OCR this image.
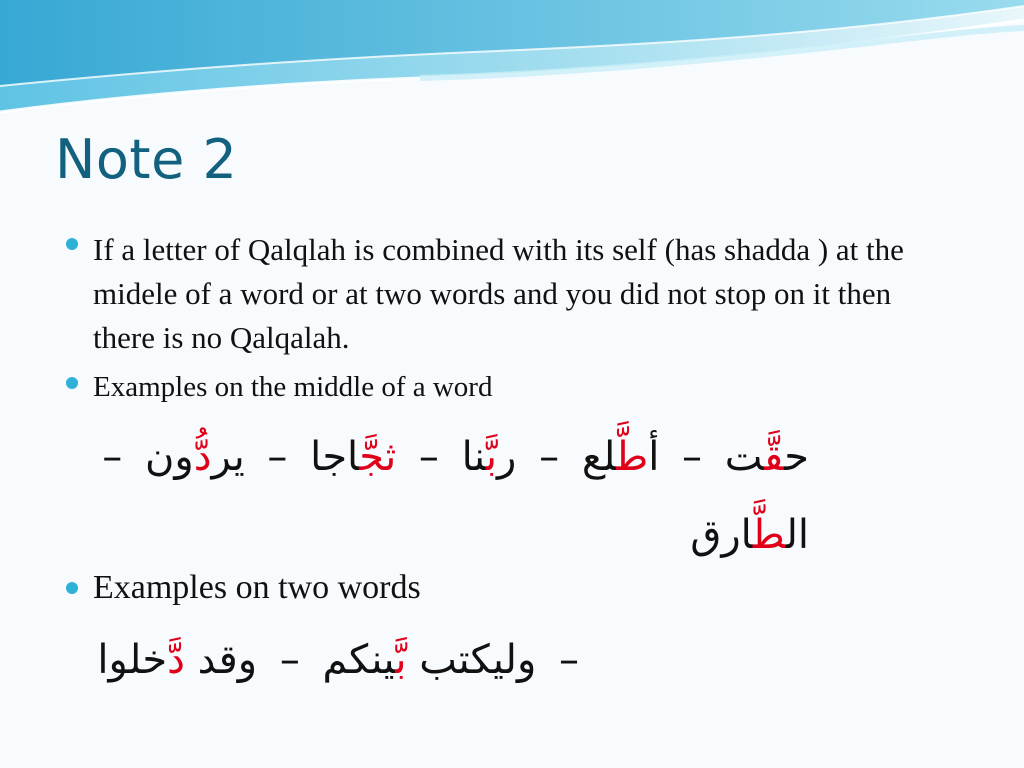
Note 2
If a letter of Qalqlah is combined with its self (has shadda ) at the midele of a word or at two words and you did not stop on it then there is no Qalqalah.
Examples on the middle of a word
حقَّت – أطَّلع – ربَّنا – ثجَّاجا – يردُّون – الطَّارق
Examples on two words
– وليكتب بَّينكم – وقد دَّخلوا
